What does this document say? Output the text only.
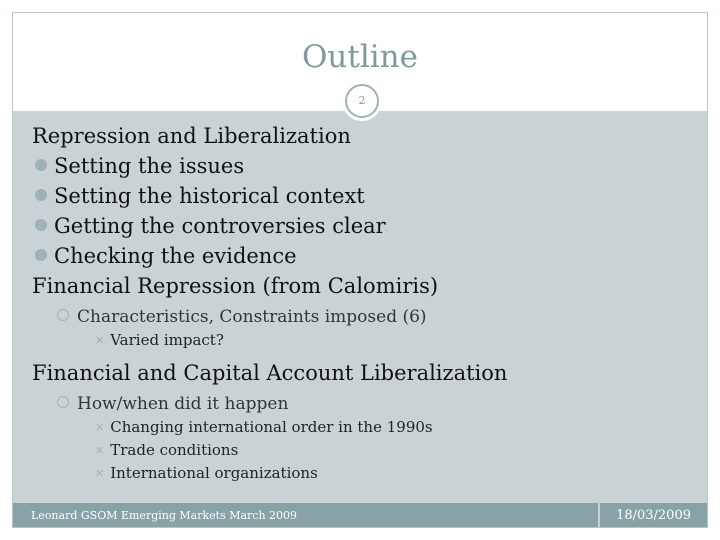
Outline
2
Repression and Liberalization
Setting the issues
Setting the historical context
Getting the controversies clear
Checking the evidence
Financial Repression (from Calomiris)
Characteristics, Constraints imposed (6)
✕ Varied impact?
Financial and Capital Account Liberalization
How/when did it happen
✕ Changing international order in the 1990s
✕ Trade conditions
✕ International organizations
Leonard GSOM Emerging Markets March 2009	18/03/2009
